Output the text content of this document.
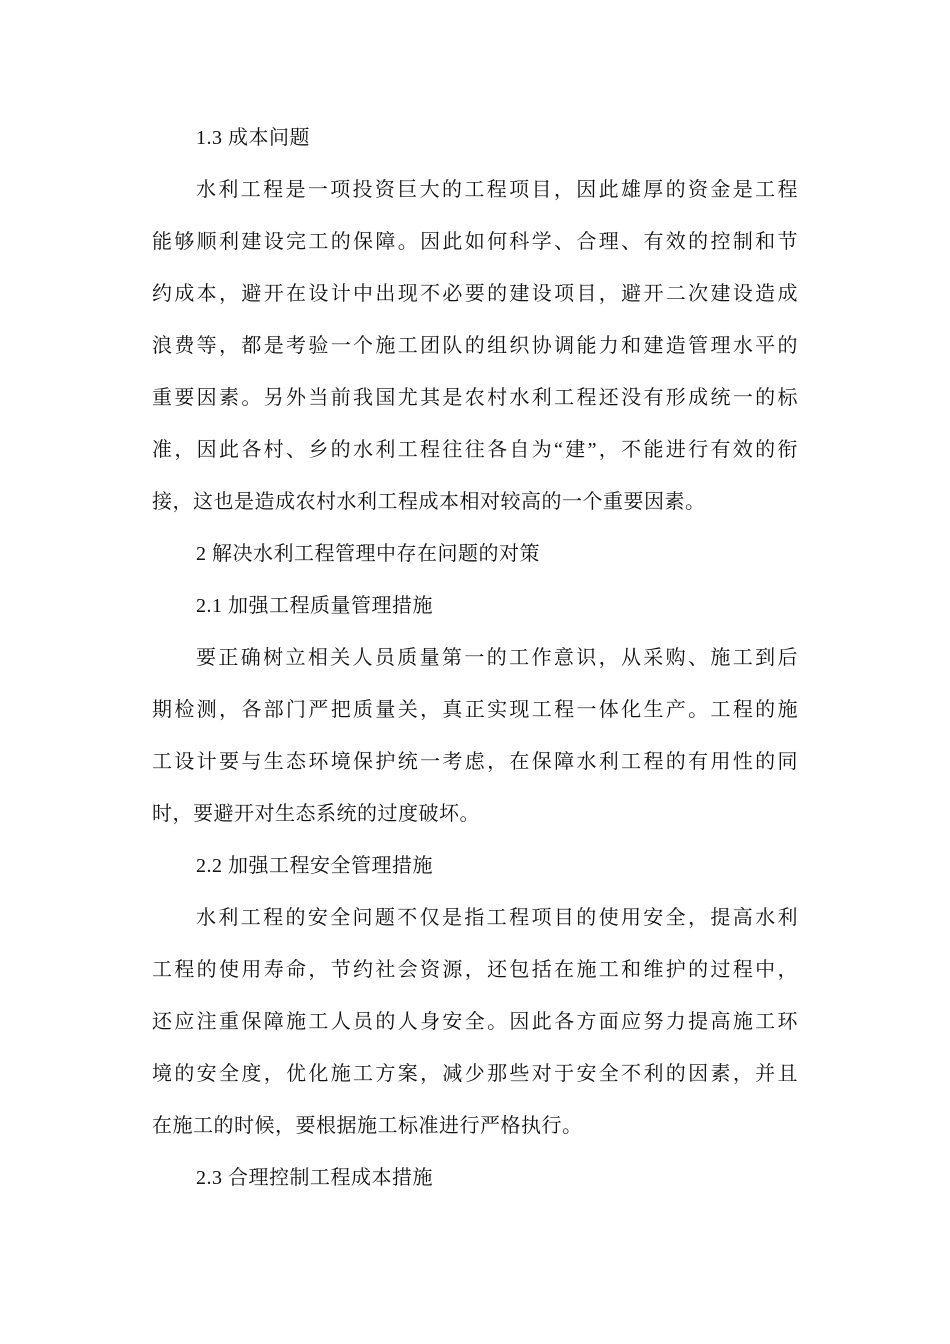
1.3 成本问题
水利工程是一项投资巨大的工程项目，因此雄厚的资金是工程
能够顺利建设完工的保障。因此如何科学、合理、有效的控制和节
约成本，避开在设计中出现不必要的建设项目，避开二次建设造成
浪费等，都是考验一个施工团队的组织协调能力和建造管理水平的
重要因素。另外当前我国尤其是农村水利工程还没有形成统一的标
准，因此各村、乡的水利工程往往各自为“建”，不能进行有效的衔
接，这也是造成农村水利工程成本相对较高的一个重要因素。
2 解决水利工程管理中存在问题的对策
2.1 加强工程质量管理措施
要正确树立相关人员质量第一的工作意识，从采购、施工到后
期检测，各部门严把质量关，真正实现工程一体化生产。工程的施
工设计要与生态环境保护统一考虑，在保障水利工程的有用性的同
时，要避开对生态系统的过度破坏。
2.2 加强工程安全管理措施
水利工程的安全问题不仅是指工程项目的使用安全，提高水利
工程的使用寿命，节约社会资源，还包括在施工和维护的过程中，
还应注重保障施工人员的人身安全。因此各方面应努力提高施工环
境的安全度，优化施工方案，减少那些对于安全不利的因素，并且
在施工的时候，要根据施工标准进行严格执行。
2.3 合理控制工程成本措施
